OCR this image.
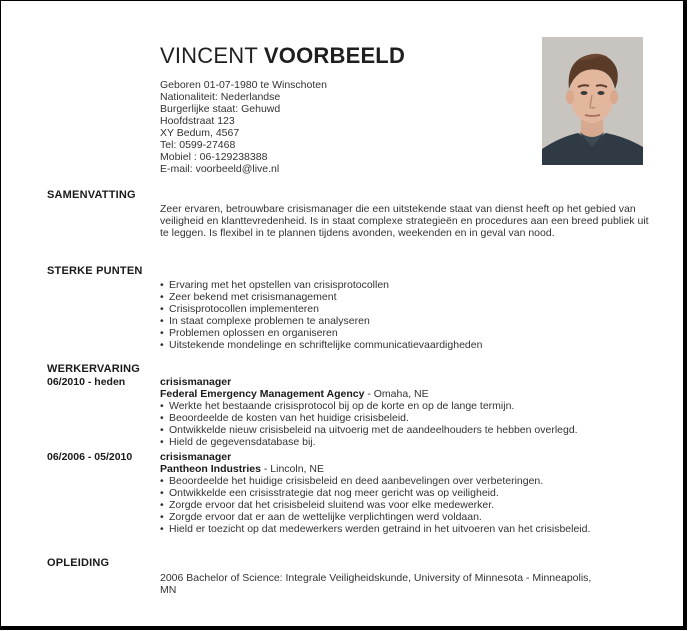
VINCENT VOORBEELD
Geboren 01-07-1980 te Winschoten
Nationaliteit: Nederlandse
Burgerlijke staat: Gehuwd
Hoofdstraat 123
XY Bedum, 4567
Tel: 0599-27468
Mobiel : 06-129238388
E-mail: voorbeeld@live.nl
SAMENVATTING

Zeer ervaren, betrouwbare crisismanager die een uitstekende staat van dienst heeft op het gebied van veiligheid en klanttevredenheid. Is in staat complexe strategieën en procedures aan een breed publiek uit te leggen. Is flexibel in te plannen tijdens avonden, weekenden en in geval van nood.

STERKE PUNTEN
• Ervaring met het opstellen van crisisprotocollen
• Zeer bekend met crisismanagement
• Crisisprotocollen implementeren
• In staat complexe problemen te analyseren
• Problemen oplossen en organiseren
• Uitstekende mondelinge en schriftelijke communicatievaardigheden
WERKERVARING
06/2010 - heden	crisismanager
Federal Emergency Management Agency - Omaha, NE
• Werkte het bestaande crisisprotocol bij op de korte en op de lange termijn.
• Beoordeelde de kosten van het huidige crisisbeleid.
• Ontwikkelde nieuw crisisbeleid na uitvoerig met de aandeelhouders te hebben overlegd.
• Hield de gegevensdatabase bij.
06/2006 - 05/2010	crisismanager
Pantheon Industries - Lincoln, NE
• Beoordeelde het huidige crisisbeleid en deed aanbevelingen over verbeteringen.
• Ontwikkelde een crisisstrategie dat nog meer gericht was op veiligheid.
• Zorgde ervoor dat het crisisbeleid sluitend was voor elke medewerker.
• Zorgde ervoor dat er aan de wettelijke verplichtingen werd voldaan.
• Hield er toezicht op dat medewerkers werden getraind in het uitvoeren van het crisisbeleid.
OPLEIDING

2006 Bachelor of Science: Integrale Veiligheidskunde, University of Minnesota - Minneapolis, MN
